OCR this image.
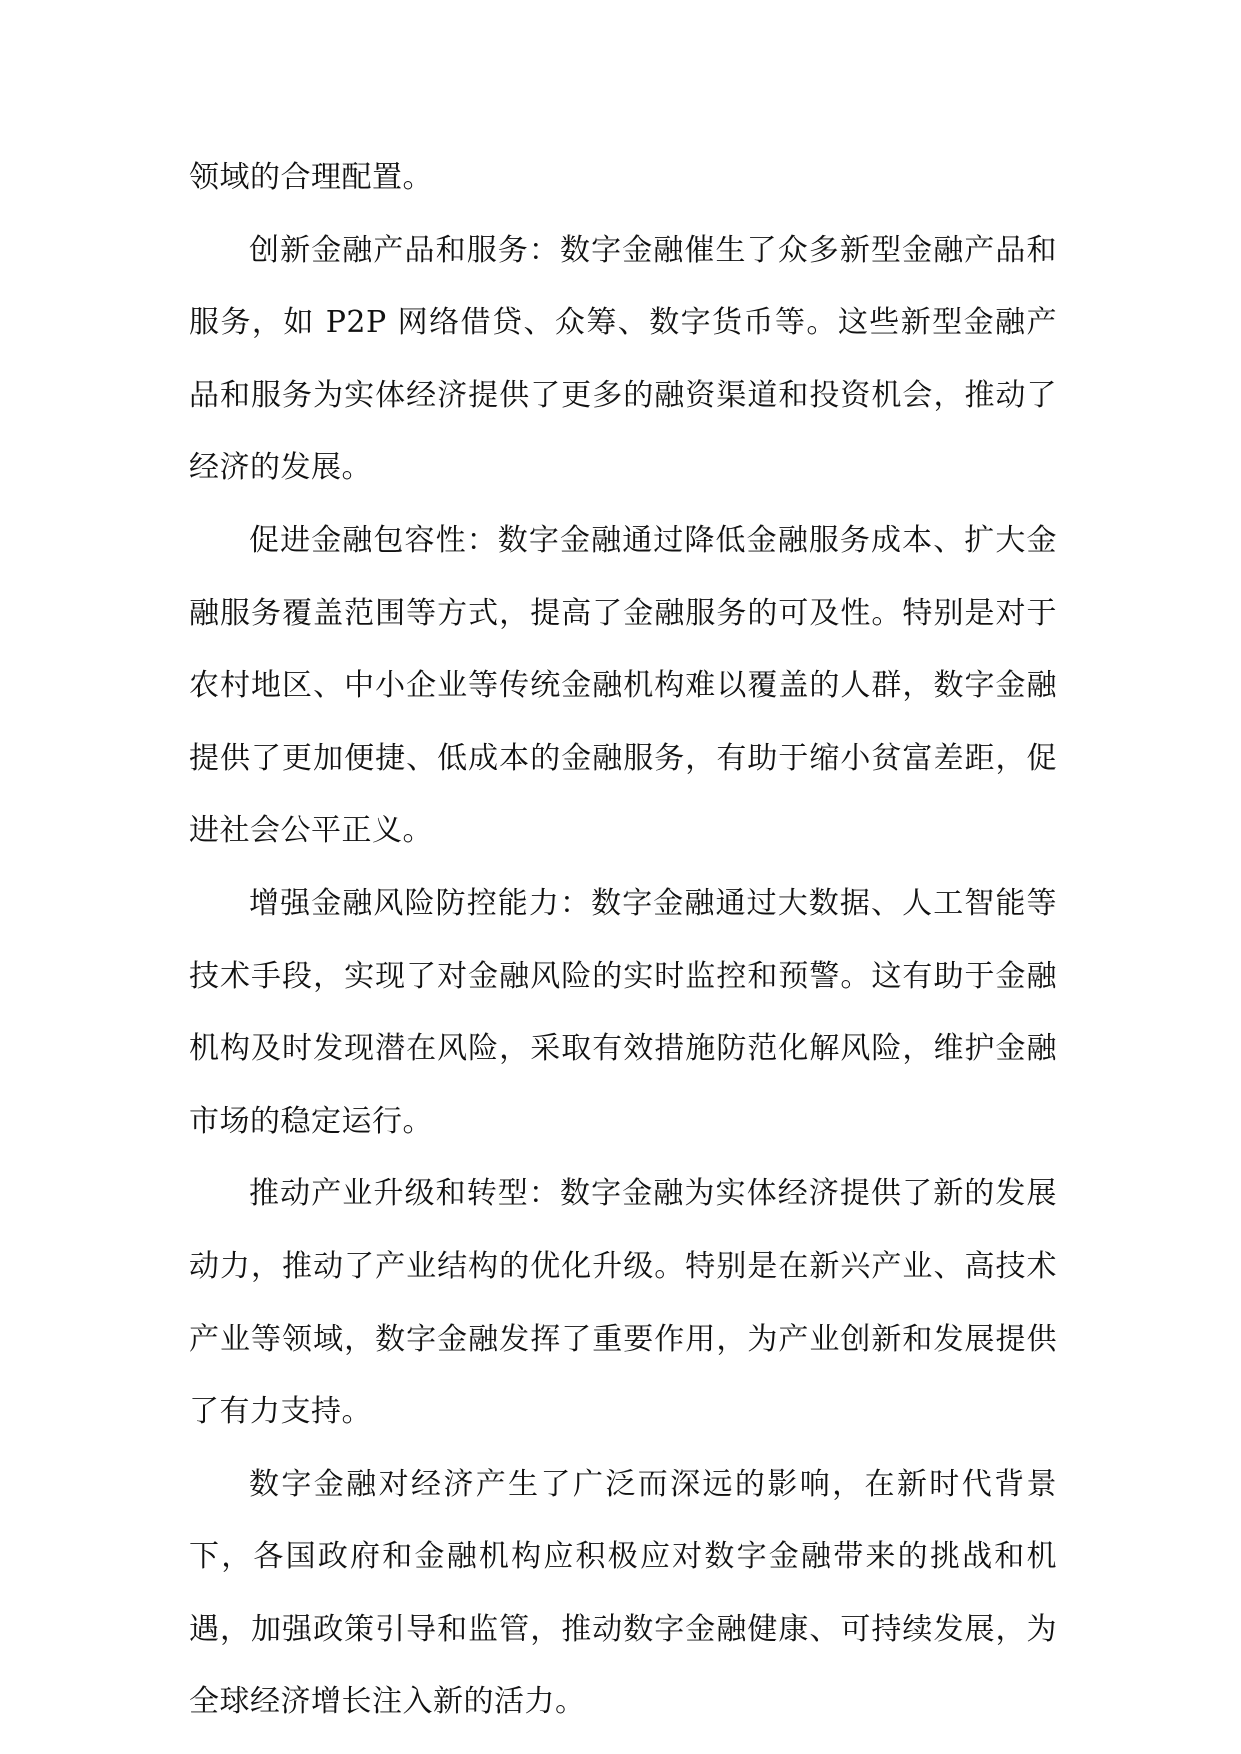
领域的合理配置。

创新金融产品和服务：数字金融催生了众多新型金融产品和服务，如 P2P 网络借贷、众筹、数字货币等。这些新型金融产品和服务为实体经济提供了更多的融资渠道和投资机会，推动了经济的发展。

促进金融包容性：数字金融通过降低金融服务成本、扩大金融服务覆盖范围等方式，提高了金融服务的可及性。特别是对于农村地区、中小企业等传统金融机构难以覆盖的人群，数字金融提供了更加便捷、低成本的金融服务，有助于缩小贫富差距，促进社会公平正义。

增强金融风险防控能力：数字金融通过大数据、人工智能等技术手段，实现了对金融风险的实时监控和预警。这有助于金融机构及时发现潜在风险，采取有效措施防范化解风险，维护金融市场的稳定运行。

推动产业升级和转型：数字金融为实体经济提供了新的发展动力，推动了产业结构的优化升级。特别是在新兴产业、高技术产业等领域，数字金融发挥了重要作用，为产业创新和发展提供了有力支持。

数字金融对经济产生了广泛而深远的影响，在新时代背景下，各国政府和金融机构应积极应对数字金融带来的挑战和机遇，加强政策引导和监管，推动数字金融健康、可持续发展，为全球经济增长注入新的活力。
